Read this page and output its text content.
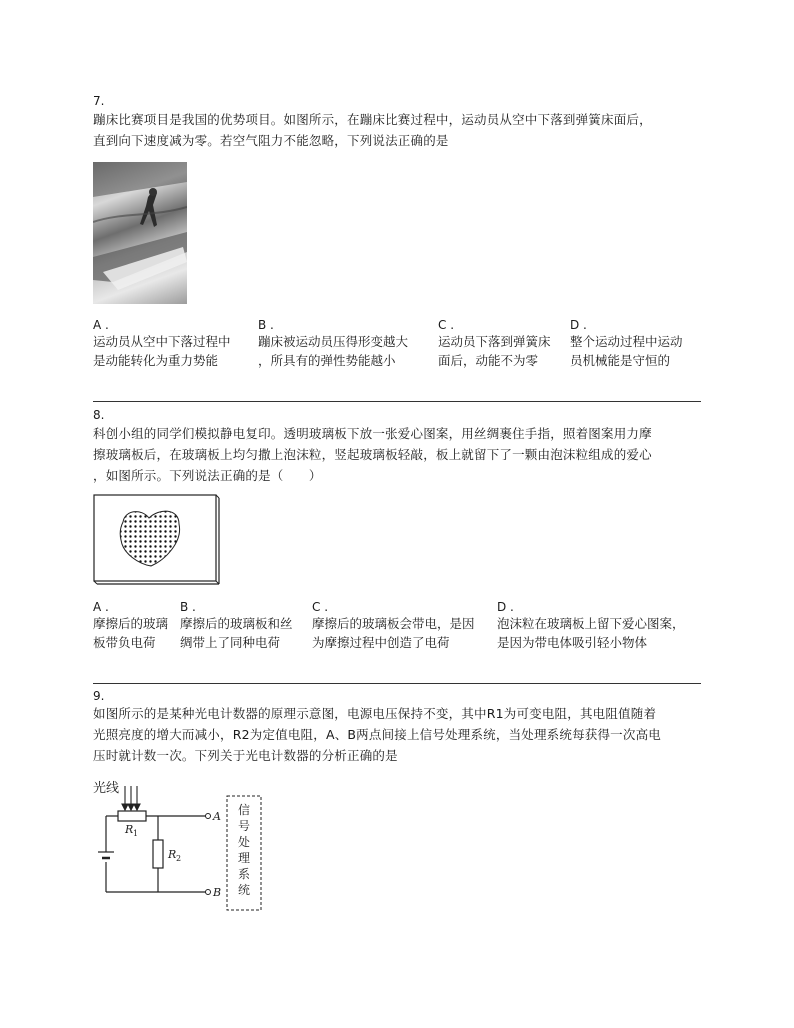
7.
蹦床比赛项目是我国的优势项目。如图所示，在蹦床比赛过程中，运动员从空中下落到弹簧床面后，
直到向下速度减为零。若空气阻力不能忽略，下列说法正确的是
A .
运动员从空中下落过程中
是动能转化为重力势能
B .
蹦床被运动员压得形变越大
，所具有的弹性势能越小
C .
运动员下落到弹簧床
面后，动能不为零
D .
整个运动过程中运动
员机械能是守恒的
8.
科创小组的同学们模拟静电复印。透明玻璃板下放一张爱心图案，用丝绸裹住手指，照着图案用力摩
擦玻璃板后，在玻璃板上均匀撒上泡沫粒，竖起玻璃板轻敲，板上就留下了一颗由泡沫粒组成的爱心
，如图所示。下列说法正确的是（　　）
A .
摩擦后的玻璃
板带负电荷
B .
摩擦后的玻璃板和丝
绸带上了同种电荷
C .
摩擦后的玻璃板会带电，是因
为摩擦过程中创造了电荷
D .
泡沫粒在玻璃板上留下爱心图案，
是因为带电体吸引轻小物体
9.
如图所示的是某种光电计数器的原理示意图，电源电压保持不变，其中R1为可变电阻，其电阻值随着
光照亮度的增大而减小，R2为定值电阻，A、B两点间接上信号处理系统，当处理系统每获得一次高电
压时就计数一次。下列关于光电计数器的分析正确的是
光线
R 1
R 2
A
B
信
号
处
理
系
统
